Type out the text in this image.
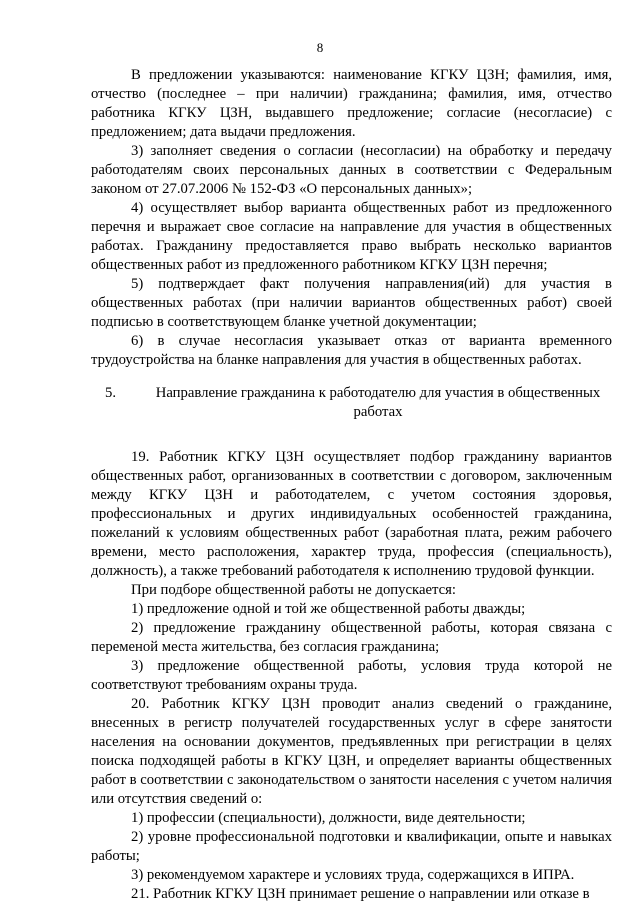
8

В предложении указываются: наименование КГКУ ЦЗН; фамилия, имя, отчество (последнее – при наличии) гражданина; фамилия, имя, отчество работника КГКУ ЦЗН, выдавшего предложение; согласие (несогласие) с предложением; дата выдачи предложения.

3) заполняет сведения о согласии (несогласии) на обработку и передачу работодателям своих персональных данных в соответствии с Федеральным законом от 27.07.2006 № 152-ФЗ «О персональных данных»;

4) осуществляет выбор варианта общественных работ из предложенного перечня и выражает свое согласие на направление для участия в общественных работах. Гражданину предоставляется право выбрать несколько вариантов общественных работ из предложенного работником КГКУ ЦЗН перечня;

5) подтверждает факт получения направления(ий) для участия в общественных работах (при наличии вариантов общественных работ) своей подписью в соответствующем бланке учетной документации;

6) в случае несогласия указывает отказ от варианта временного трудоустройства на бланке направления для участия в общественных работах.

5.	Направление гражданина к работодателю для участия в общественных работах

19. Работник КГКУ ЦЗН осуществляет подбор гражданину вариантов общественных работ, организованных в соответствии с договором, заключенным между КГКУ ЦЗН и работодателем, с учетом состояния здоровья, профессиональных и других индивидуальных особенностей гражданина, пожеланий к условиям общественных работ (заработная плата, режим рабочего времени, место расположения, характер труда, профессия (специальность), должность), а также требований работодателя к исполнению трудовой функции.

При подборе общественной работы не допускается:

1) предложение одной и той же общественной работы дважды;

2) предложение гражданину общественной работы, которая связана с переменой места жительства, без согласия гражданина;

3) предложение общественной работы, условия труда которой не соответствуют требованиям охраны труда.

20. Работник КГКУ ЦЗН проводит анализ сведений о гражданине, внесенных в регистр получателей государственных услуг в сфере занятости населения на основании документов, предъявленных при регистрации в целях поиска подходящей работы в КГКУ ЦЗН, и определяет варианты общественных работ в соответствии с законодательством о занятости населения с учетом наличия или отсутствия сведений о:

1) профессии (специальности), должности, виде деятельности;

2) уровне профессиональной подготовки и квалификации, опыте и навыках работы;

3) рекомендуемом характере и условиях труда, содержащихся в ИПРА.

21. Работник КГКУ ЦЗН принимает решение о направлении или отказе в
